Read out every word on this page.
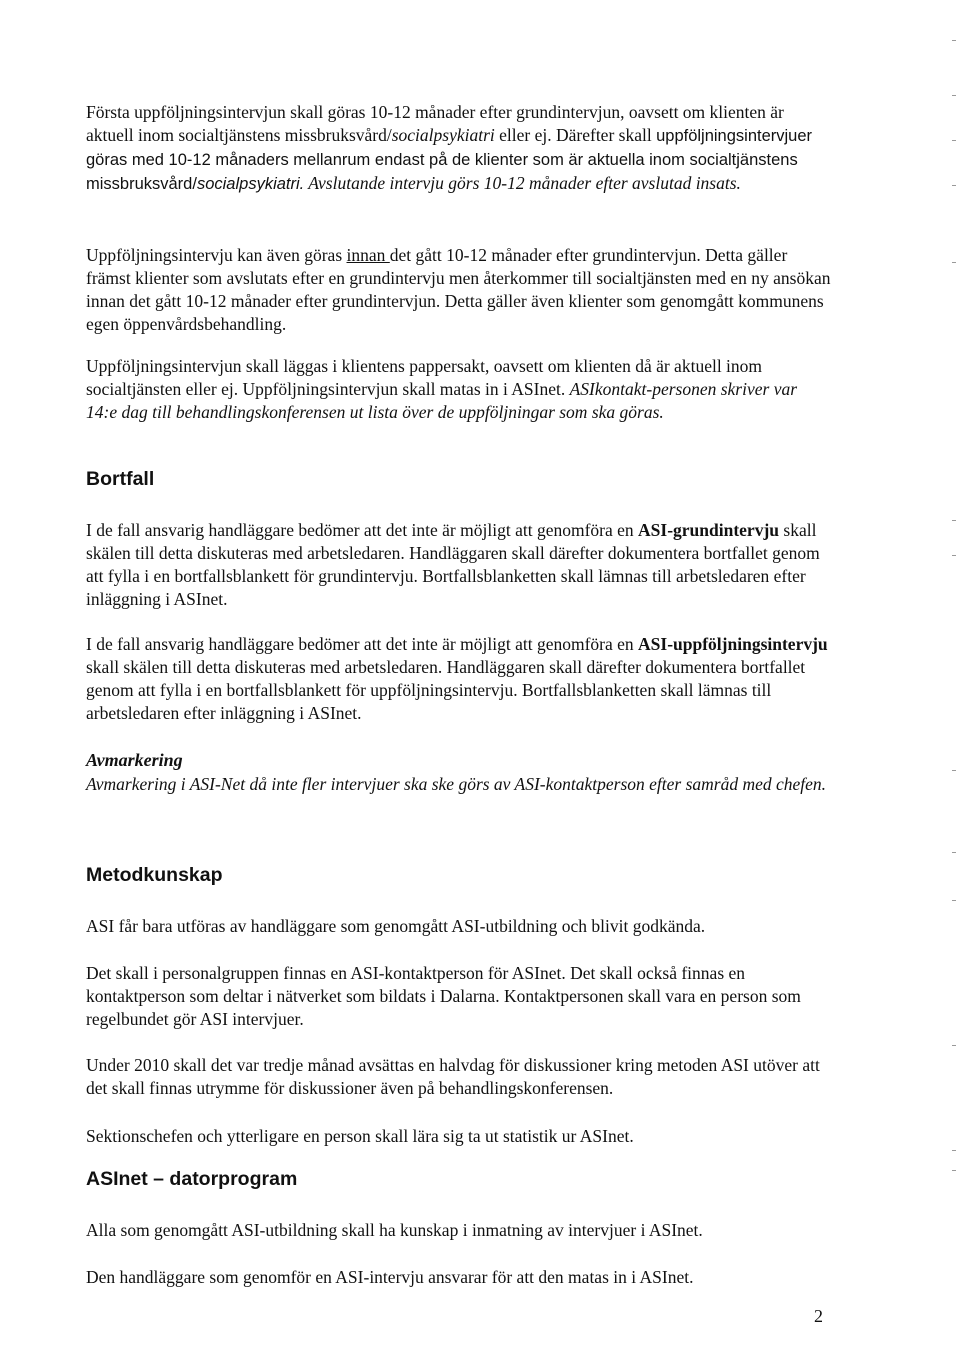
Första uppföljningsintervjun skall göras 10-12 månader efter grundintervjun, oavsett om klienten är aktuell inom socialtjänstens missbruksvård/socialpsykiatri eller ej. Därefter skall uppföljningsintervjuer göras med 10-12 månaders mellanrum endast på de klienter som är aktuella inom socialtjänstens missbruksvård/socialpsykiatri. Avslutande intervju görs 10-12 månader efter avslutad insats.

Uppföljningsintervju kan även göras innan det gått 10-12 månader efter grundintervjun. Detta gäller främst klienter som avslutats efter en grundintervju men återkommer till socialtjänsten med en ny ansökan innan det gått 10-12 månader efter grundintervjun. Detta gäller även klienter som genomgått kommunens egen öppenvårdsbehandling.

Uppföljningsintervjun skall läggas i klientens pappersakt, oavsett om klienten då är aktuell inom socialtjänsten eller ej. Uppföljningsintervjun skall matas in i ASInet. ASIkontakt-personen skriver var 14:e dag till behandlingskonferensen ut lista över de uppföljningar som ska göras.

Bortfall

I de fall ansvarig handläggare bedömer att det inte är möjligt att genomföra en ASI-grundintervju skall skälen till detta diskuteras med arbetsledaren. Handläggaren skall därefter dokumentera bortfallet genom att fylla i en bortfallsblankett för grundintervju. Bortfallsblanketten skall lämnas till arbetsledaren efter inläggning i ASInet.

I de fall ansvarig handläggare bedömer att det inte är möjligt att genomföra en ASI-uppföljningsintervju skall skälen till detta diskuteras med arbetsledaren. Handläggaren skall därefter dokumentera bortfallet genom att fylla i en bortfallsblankett för uppföljningsintervju. Bortfallsblanketten skall lämnas till arbetsledaren efter inläggning i ASInet.

Avmarkering

Avmarkering i ASI-Net då inte fler intervjuer ska ske görs av ASI-kontaktperson efter samråd med chefen.

Metodkunskap

ASI får bara utföras av handläggare som genomgått ASI-utbildning och blivit godkända.

Det skall i personalgruppen finnas en ASI-kontaktperson för ASInet. Det skall också finnas en kontaktperson som deltar i nätverket som bildats i Dalarna. Kontaktpersonen skall vara en person som regelbundet gör ASI intervjuer.

Under 2010 skall det var tredje månad avsättas en halvdag för diskussioner kring metoden ASI utöver att det skall finnas utrymme för diskussioner även på behandlingskonferensen.

Sektionschefen och ytterligare en person skall lära sig ta ut statistik ur ASInet.

ASInet – datorprogram

Alla som genomgått ASI-utbildning skall ha kunskap i inmatning av intervjuer i ASInet.

Den handläggare som genomför en ASI-intervju ansvarar för att den matas in i ASInet.

2
